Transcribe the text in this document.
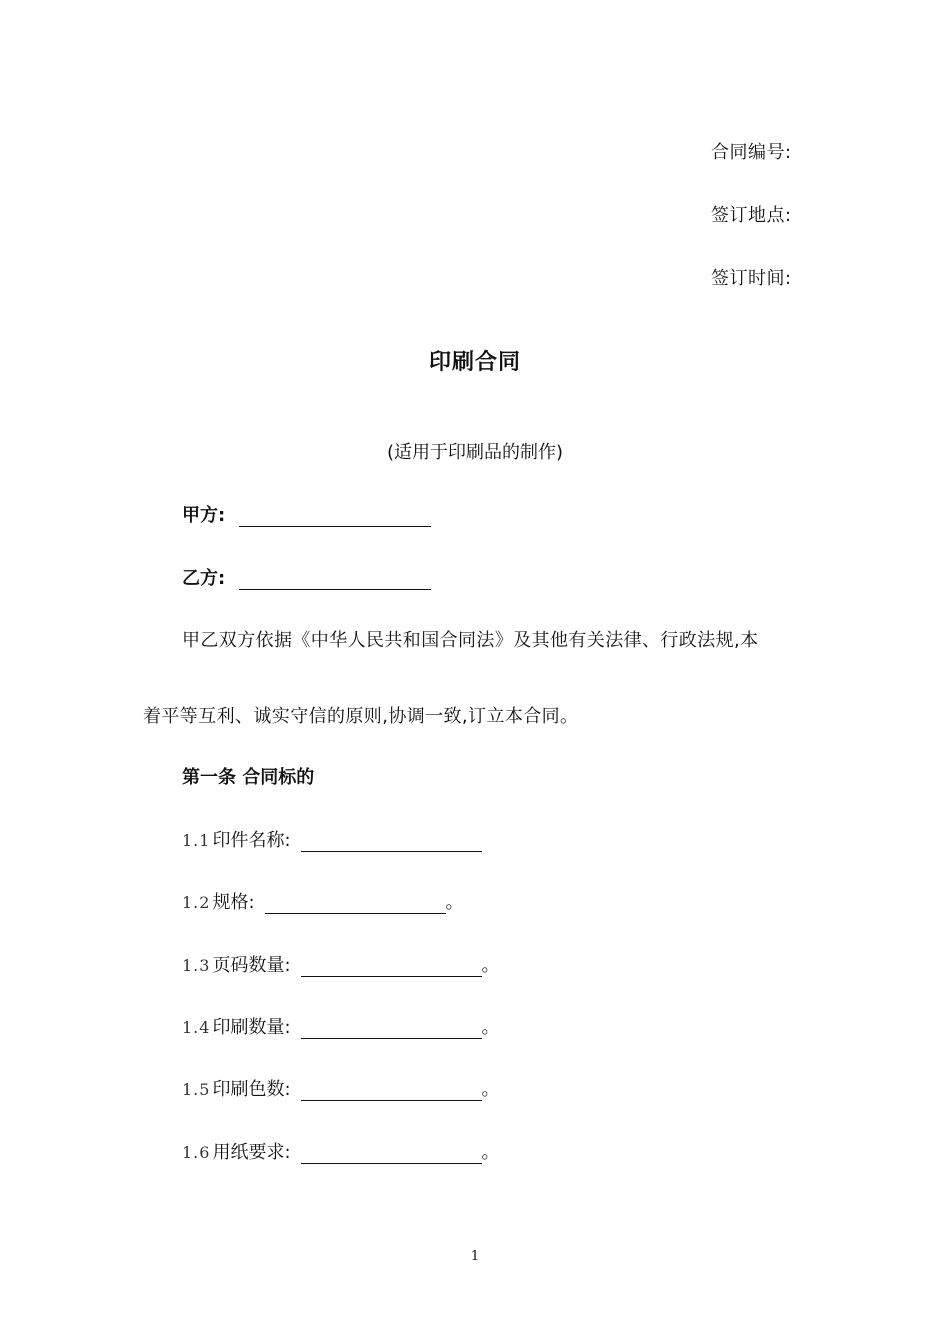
合同编号:
签订地点:
签订时间:
印刷合同
(适用于印刷品的制作)
甲方:
乙方:
甲乙双方依据《中华人民共和国合同法》及其他有关法律、行政法规,本
着平等互利、诚实守信的原则,协调一致,订立本合同。
第一条 合同标的
1.1 印件名称:
1.2 规格:	。
1.3 页码数量:	。
1.4 印刷数量:	。
1.5 印刷色数:	。
1.6 用纸要求:	。
1
